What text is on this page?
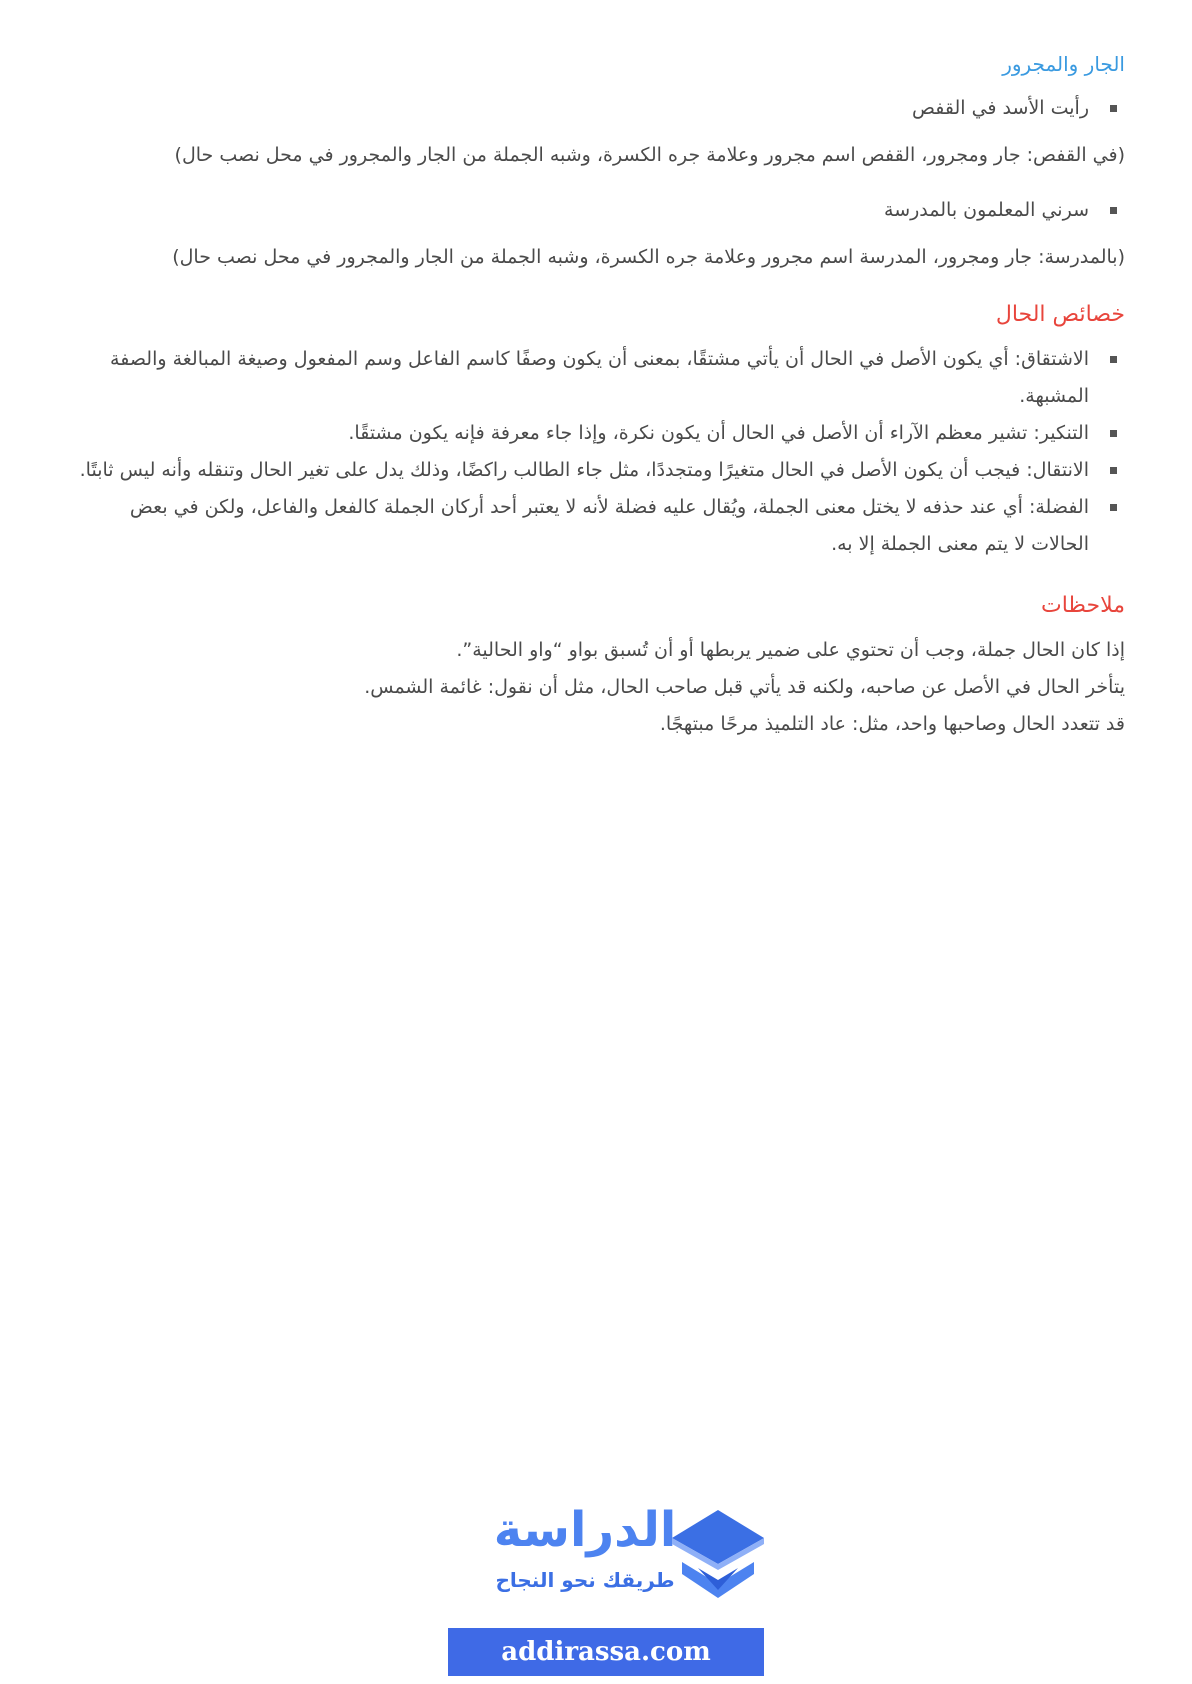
الجار والمجرور
رأيت الأسد في القفص

(في القفص: جار ومجرور، القفص اسم مجرور وعلامة جره الكسرة، وشبه الجملة من الجار والمجرور في محل نصب حال)

سرني المعلمون بالمدرسة

(بالمدرسة: جار ومجرور، المدرسة اسم مجرور وعلامة جره الكسرة، وشبه الجملة من الجار والمجرور في محل نصب حال)

خصائص الحال
الاشتقاق: أي يكون الأصل في الحال أن يأتي مشتقًا، بمعنى أن يكون وصفًا كاسم الفاعل وسم المفعول وصيغة المبالغة والصفة المشبهة.
التنكير: تشير معظم الآراء أن الأصل في الحال أن يكون نكرة، وإذا جاء معرفة فإنه يكون مشتقًا.
الانتقال: فيجب أن يكون الأصل في الحال متغيرًا ومتجددًا، مثل جاء الطالب راكضًا، وذلك يدل على تغير الحال وتنقله وأنه ليس ثابتًا.
الفضلة: أي عند حذفه لا يختل معنى الجملة، ويُقال عليه فضلة لأنه لا يعتبر أحد أركان الجملة كالفعل والفاعل، ولكن في بعض الحالات لا يتم معنى الجملة إلا به.
ملاحظات

إذا كان الحال جملة، وجب أن تحتوي على ضمير يربطها أو أن تُسبق بواو “واو الحالية”.

يتأخر الحال في الأصل عن صاحبه، ولكنه قد يأتي قبل صاحب الحال، مثل أن نقول: غائمة الشمس.

قد تتعدد الحال وصاحبها واحد، مثل: عاد التلميذ مرحًا مبتهجًا.

الدراسة
طريقك نحو النجاح
addirassa.com
